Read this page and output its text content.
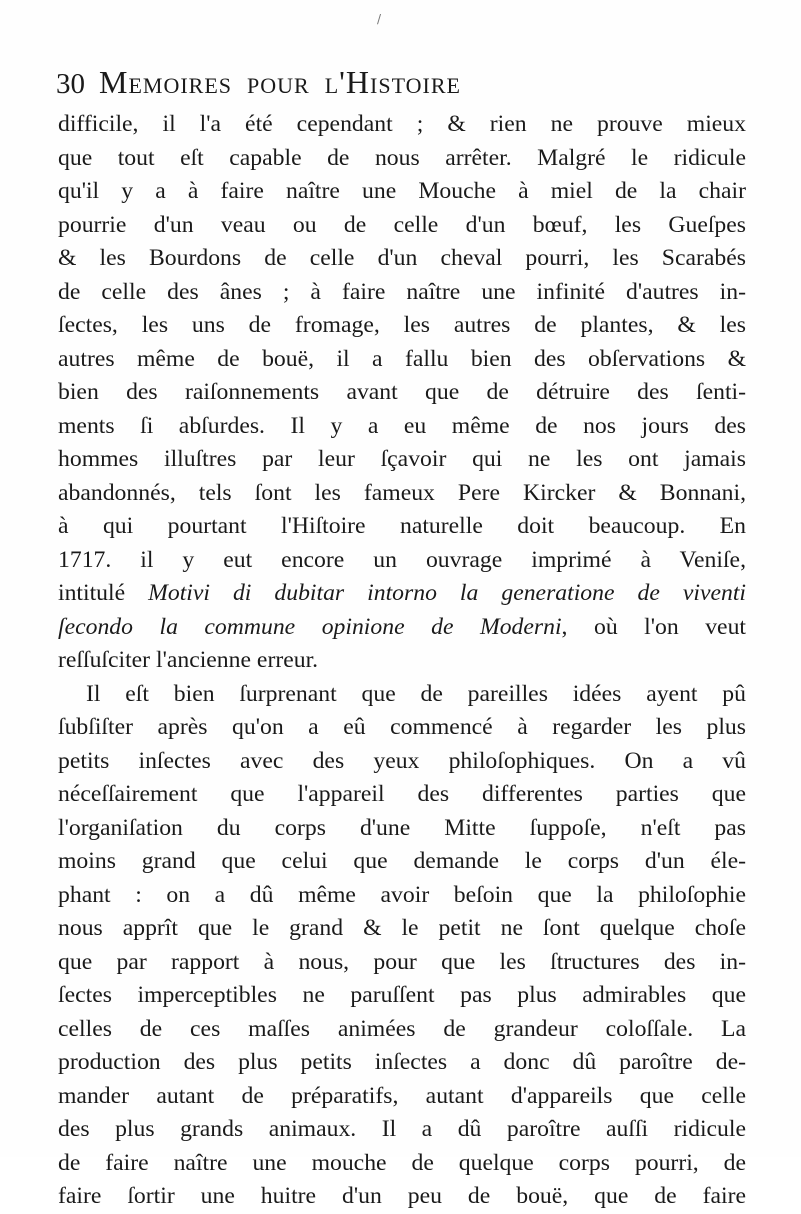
30 Memoires pour l'Histoire
/
difficile, il l'a été cependant ; & rien ne prouve mieux
que tout eſt capable de nous arrêter. Malgré le ridicule
qu'il y a à faire naître une Mouche à miel de la chair
pourrie d'un veau ou de celle d'un bœuf, les Gueſpes
& les Bourdons de celle d'un cheval pourri, les Scarabés
de celle des ânes ; à faire naître une infinité d'autres in-
ſectes, les uns de fromage, les autres de plantes, & les
autres même de bouë, il a fallu bien des obſervations &
bien des raiſonnements avant que de détruire des ſenti-
ments ſi abſurdes. Il y a eu même de nos jours des
hommes illuſtres par leur ſçavoir qui ne les ont jamais
abandonnés, tels ſont les fameux Pere Kircker & Bonnani,
à qui pourtant l'Hiſtoire naturelle doit beaucoup. En
1717. il y eut encore un ouvrage imprimé à Veniſe,
intitulé Motivi di dubitar intorno la generatione de viventi
ſecondo la commune opinione de Moderni, où l'on veut
reſſuſciter l'ancienne erreur.
Il eſt bien ſurprenant que de pareilles idées ayent pû
ſubſiſter après qu'on a eû commencé à regarder les plus
petits inſectes avec des yeux philoſophiques. On a vû
néceſſairement que l'appareil des differentes parties que
l'organiſation du corps d'une Mitte ſuppoſe, n'eſt pas
moins grand que celui que demande le corps d'un éle-
phant : on a dû même avoir beſoin que la philoſophie
nous apprît que le grand & le petit ne ſont quelque choſe
que par rapport à nous, pour que les ſtructures des in-
ſectes imperceptibles ne paruſſent pas plus admirables que
celles de ces maſſes animées de grandeur coloſſale. La
production des plus petits inſectes a donc dû paroître de-
mander autant de préparatifs, autant d'appareils que celle
des plus grands animaux. Il a dû paroître auſſi ridicule
de faire naître une mouche de quelque corps pourri, de
faire ſortir une huitre d'un peu de bouë, que de faire
